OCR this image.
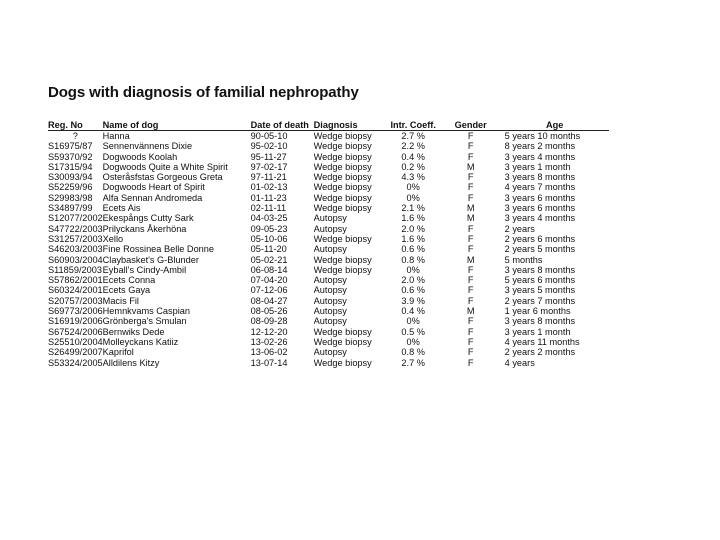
Dogs with diagnosis of familial nephropathy
Reg. No	Name of dog	Date of death	Diagnosis	Intr. Coeff.	Gender	Age
?	Hanna	90-05-10	Wedge biopsy	2.7 %	F	5 years 10 months
S16975/87	Sennenvännens Dixie	95-02-10	Wedge biopsy	2.2 %	F	8 years 2 months
S59370/92	Dogwoods Koolah	95-11-27	Wedge biopsy	0.4 %	F	3 years 4 months
S17315/94	Dogwoods Quite a White Spirit	97-02-17	Wedge biopsy	0.2 %	M	3 years 1 month
S30093/94	Osteråsfstas Gorgeous Greta	97-11-21	Wedge biopsy	4.3 %	F	3 years 8 months
S52259/96	Dogwoods Heart of Spirit	01-02-13	Wedge biopsy	0%	F	4 years 7 months
S29983/98	Alfa Sennan Andromeda	01-11-23	Wedge biopsy	0%	F	3 years 6 months
S34897/99	Ecets Ais	02-11-11	Wedge biopsy	2.1 %	M	3 years 6 months
S12077/2002	Ekespångs Cutty Sark	04-03-25	Autopsy	1.6 %	M	3 years 4 months
S47722/2003	Prilyckans Åkerhöna	09-05-23	Autopsy	2.0 %	F	2 years
S31257/2003	Xello	05-10-06	Wedge biopsy	1.6 %	F	2 years 6 months
S46203/2003	Fine Rossinea Belle Donne	05-11-20	Autopsy	0.6 %	F	2 years 5 months
S60903/2004	Claybasket's G-Blunder	05-02-21	Wedge biopsy	0.8 %	M	5 months
S11859/2003	Eyball's Cindy-Ambil	06-08-14	Wedge biopsy	0%	F	3 years 8 months
S57862/2001	Ecets Conna	07-04-20	Autopsy	2.0 %	F	5 years 6 months
S60324/2001	Ecets Gaya	07-12-06	Autopsy	0.6 %	F	3 years 5 months
S20757/2003	Macis Fil	08-04-27	Autopsy	3.9 %	F	2 years 7 months
S69773/2006	Hemnkvams Caspian	08-05-26	Autopsy	0.4 %	M	1 year 6 months
S16919/2006	Grönberga's Smulan	08-09-28	Autopsy	0%	F	3 years 8 months
S67524/2006	Bernwiks Dede	12-12-20	Wedge biopsy	0.5 %	F	3 years 1 month
S25510/2004	Molleyckans Katiiz	13-02-26	Wedge biopsy	0%	F	4 years 11 months
S26499/2007	Kaprifol	13-06-02	Autopsy	0.8 %	F	2 years 2 months
S53324/2005	Alldilens Kitzy	13-07-14	Wedge biopsy	2.7 %	F	4 years
